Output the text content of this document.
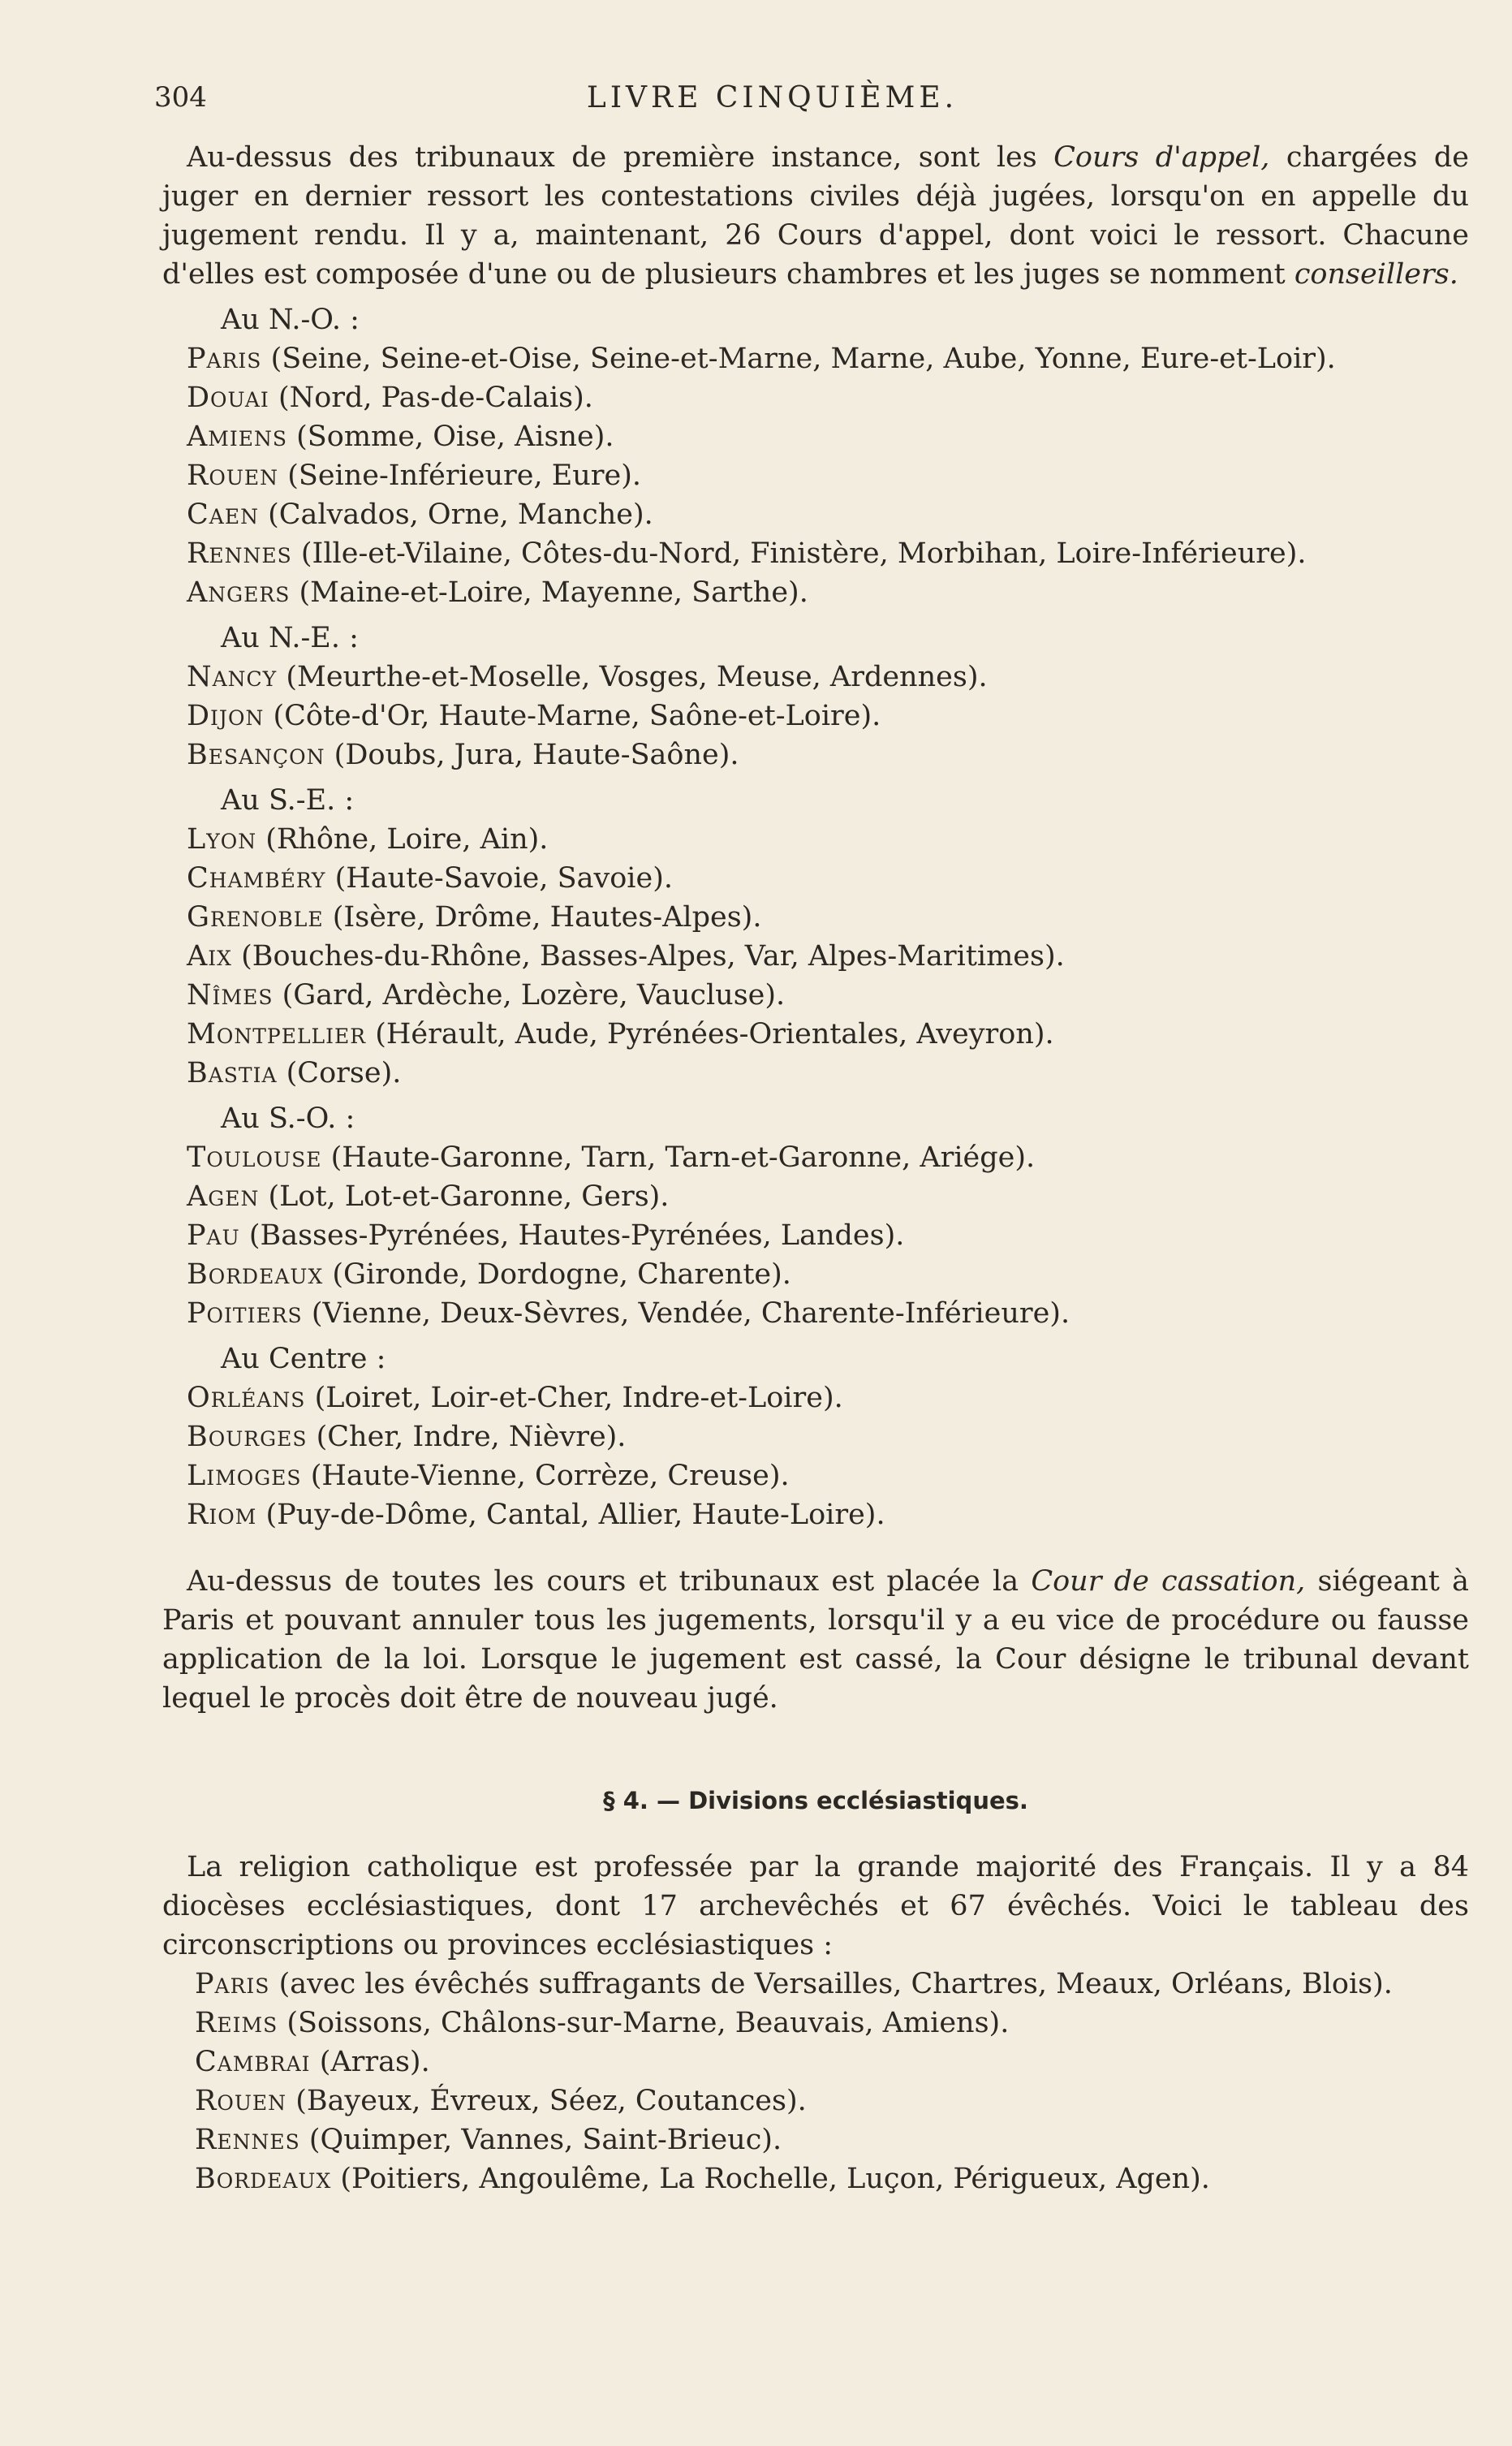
304	LIVRE CINQUIÈME.

Au-dessus des tribunaux de première instance, sont les Cours d'appel, chargées de juger en dernier ressort les contestations civiles déjà jugées, lorsqu'on en appelle du jugement rendu. Il y a, maintenant, 26 Cours d'appel, dont voici le ressort. Chacune d'elles est composée d'une ou de plusieurs chambres et les juges se nomment conseillers.

Au N.-O. :
Paris (Seine, Seine-et-Oise, Seine-et-Marne, Marne, Aube, Yonne, Eure-et-Loir).
Douai (Nord, Pas-de-Calais).
Amiens (Somme, Oise, Aisne).
Rouen (Seine-Inférieure, Eure).
Caen (Calvados, Orne, Manche).
Rennes (Ille-et-Vilaine, Côtes-du-Nord, Finistère, Morbihan, Loire-Inférieure).
Angers (Maine-et-Loire, Mayenne, Sarthe).
Au N.-E. :
Nancy (Meurthe-et-Moselle, Vosges, Meuse, Ardennes).
Dijon (Côte-d'Or, Haute-Marne, Saône-et-Loire).
Besançon (Doubs, Jura, Haute-Saône).
Au S.-E. :
Lyon (Rhône, Loire, Ain).
Chambéry (Haute-Savoie, Savoie).
Grenoble (Isère, Drôme, Hautes-Alpes).
Aix (Bouches-du-Rhône, Basses-Alpes, Var, Alpes-Maritimes).
Nîmes (Gard, Ardèche, Lozère, Vaucluse).
Montpellier (Hérault, Aude, Pyrénées-Orientales, Aveyron).
Bastia (Corse).
Au S.-O. :
Toulouse (Haute-Garonne, Tarn, Tarn-et-Garonne, Ariége).
Agen (Lot, Lot-et-Garonne, Gers).
Pau (Basses-Pyrénées, Hautes-Pyrénées, Landes).
Bordeaux (Gironde, Dordogne, Charente).
Poitiers (Vienne, Deux-Sèvres, Vendée, Charente-Inférieure).
Au Centre :
Orléans (Loiret, Loir-et-Cher, Indre-et-Loire).
Bourges (Cher, Indre, Nièvre).
Limoges (Haute-Vienne, Corrèze, Creuse).
Riom (Puy-de-Dôme, Cantal, Allier, Haute-Loire).

Au-dessus de toutes les cours et tribunaux est placée la Cour de cassation, siégeant à Paris et pouvant annuler tous les jugements, lorsqu'il y a eu vice de procédure ou fausse application de la loi. Lorsque le jugement est cassé, la Cour désigne le tribunal devant lequel le procès doit être de nouveau jugé.

§ 4. — Divisions ecclésiastiques.

La religion catholique est professée par la grande majorité des Français. Il y a 84 diocèses ecclésiastiques, dont 17 archevêchés et 67 évêchés. Voici le tableau des circonscriptions ou provinces ecclésiastiques :

Paris (avec les évêchés suffragants de Versailles, Chartres, Meaux, Orléans, Blois).
Reims (Soissons, Châlons-sur-Marne, Beauvais, Amiens).
Cambrai (Arras).
Rouen (Bayeux, Évreux, Séez, Coutances).
Rennes (Quimper, Vannes, Saint-Brieuc).
Bordeaux (Poitiers, Angoulême, La Rochelle, Luçon, Périgueux, Agen).
